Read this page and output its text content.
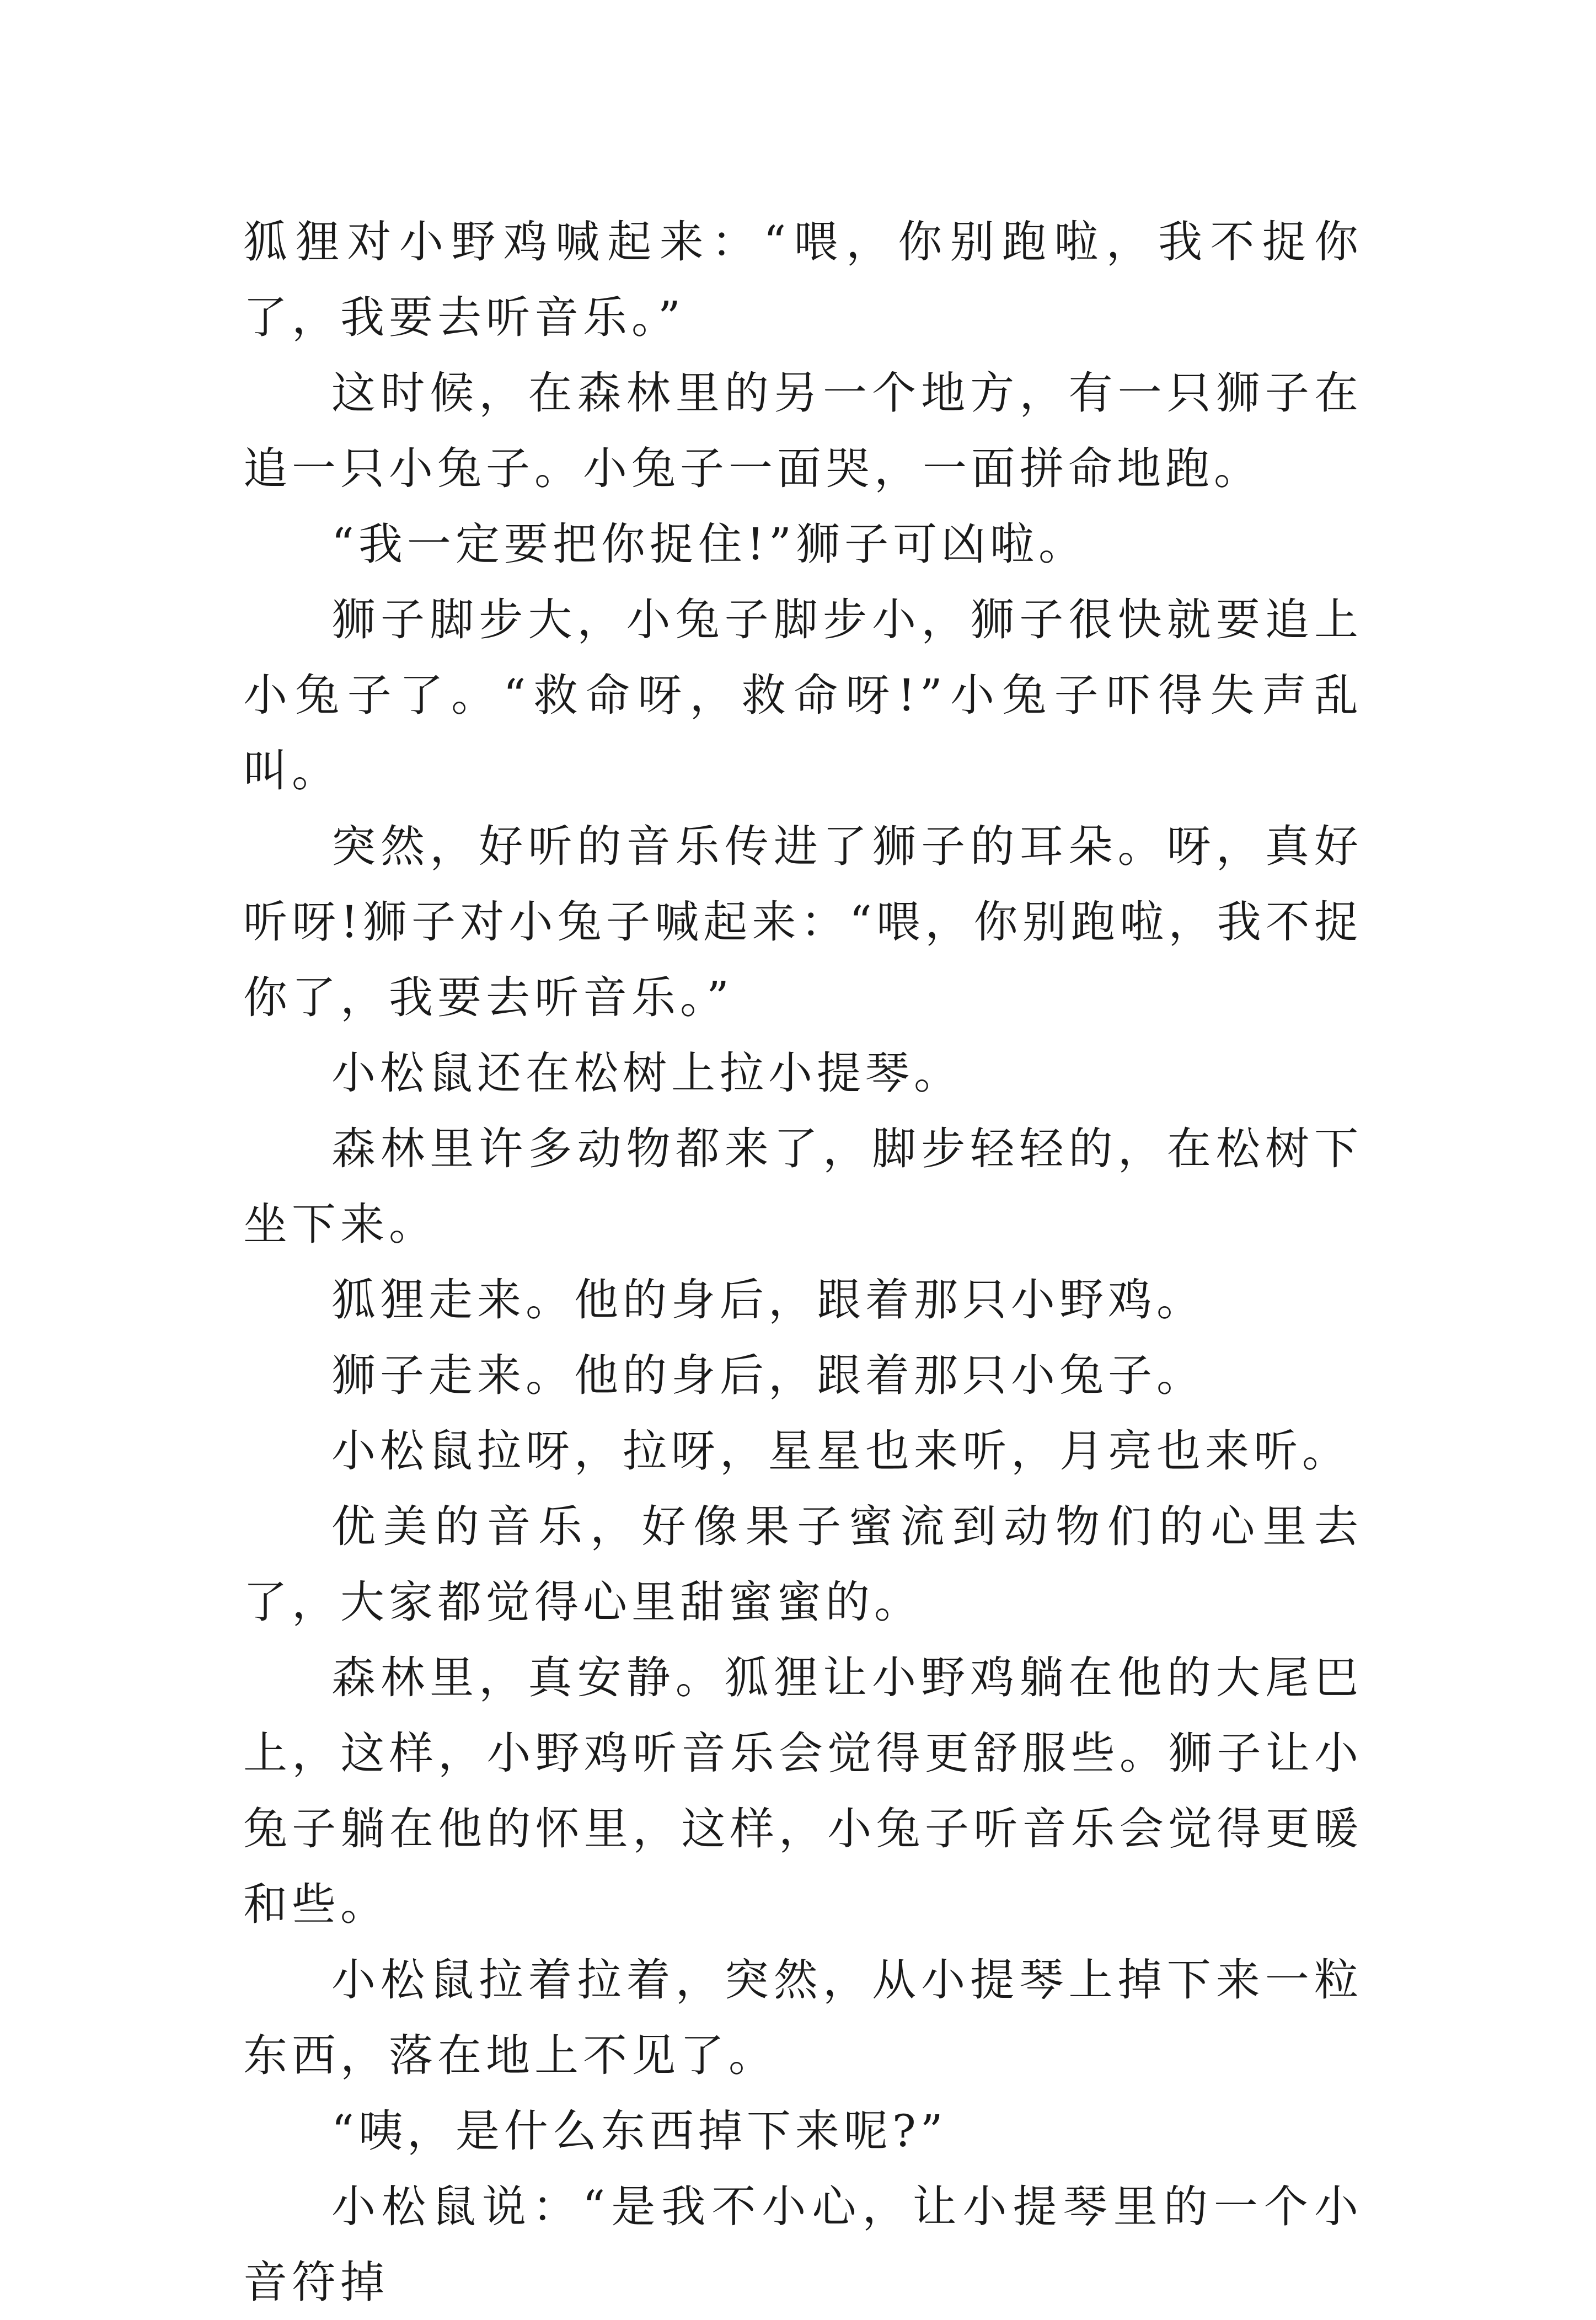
狐狸对小野鸡喊起来：“喂，你别跑啦，我不捉你了，我要去听音乐。”

这时候，在森林里的另一个地方，有一只狮子在追一只小兔子。小兔子一面哭，一面拼命地跑。

“我一定要把你捉住!”狮子可凶啦。

狮子脚步大，小兔子脚步小，狮子很快就要追上小兔子了。“救命呀，救命呀!”小兔子吓得失声乱叫。

突然，好听的音乐传进了狮子的耳朵。呀，真好听呀!狮子对小兔子喊起来：“喂，你别跑啦，我不捉你了，我要去听音乐。”

小松鼠还在松树上拉小提琴。

森林里许多动物都来了，脚步轻轻的，在松树下坐下来。

狐狸走来。他的身后，跟着那只小野鸡。

狮子走来。他的身后，跟着那只小兔子。

小松鼠拉呀，拉呀，星星也来听，月亮也来听。

优美的音乐，好像果子蜜流到动物们的心里去了，大家都觉得心里甜蜜蜜的。

森林里，真安静。狐狸让小野鸡躺在他的大尾巴上，这样，小野鸡听音乐会觉得更舒服些。狮子让小兔子躺在他的怀里，这样，小兔子听音乐会觉得更暖和些。

小松鼠拉着拉着，突然，从小提琴上掉下来一粒东西，落在地上不见了。

“咦，是什么东西掉下来呢?”

小松鼠说：“是我不小心，让小提琴里的一个小音符掉
